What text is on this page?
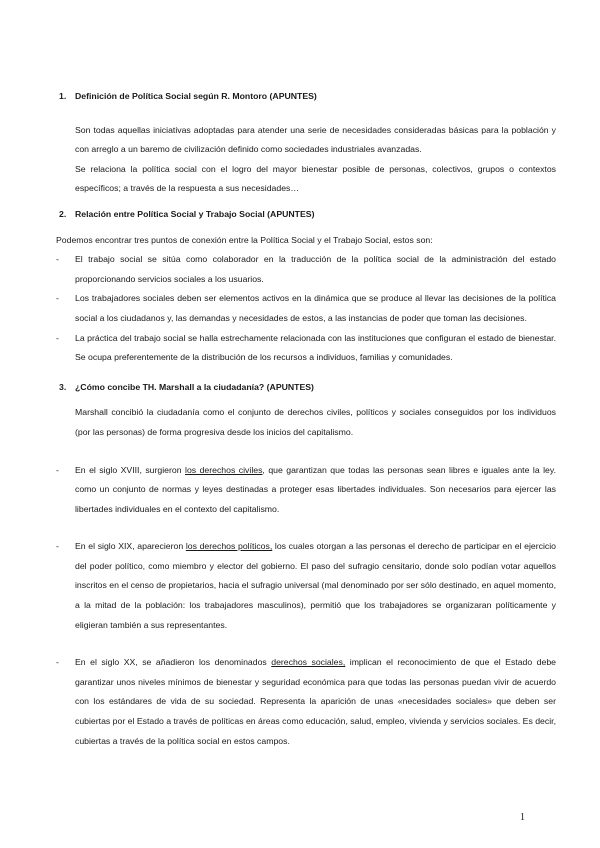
1.	Definición de Política Social según R. Montoro (APUNTES)
Son todas aquellas iniciativas adoptadas para atender una serie de necesidades consideradas básicas para la población y con arreglo a un baremo de civilización definido como sociedades industriales avanzadas.
Se relaciona la política social con el logro del mayor bienestar posible de personas, colectivos, grupos o contextos específicos; a través de la respuesta a sus necesidades…
2.	Relación entre Política Social y Trabajo Social (APUNTES)
Podemos encontrar tres puntos de conexión entre la Política Social y el Trabajo Social, estos son:
-	El trabajo social se sitúa como colaborador en la traducción de la política social de la administración del estado proporcionando servicios sociales a los usuarios.
-	Los trabajadores sociales deben ser elementos activos en la dinámica que se produce al llevar las decisiones de la política social a los ciudadanos y, las demandas y necesidades de estos, a las instancias de poder que toman las decisiones.
-	La práctica del trabajo social se halla estrechamente relacionada con las instituciones que configuran el estado de bienestar. Se ocupa preferentemente de la distribución de los recursos a individuos, familias y comunidades.
3.	¿Cómo concibe TH. Marshall a la ciudadanía? (APUNTES)
Marshall concibió la ciudadanía como el conjunto de derechos civiles, políticos y sociales conseguidos por los individuos (por las personas) de forma progresiva desde los inicios del capitalismo.
-	En el siglo XVIII, surgieron los derechos civiles, que garantizan que todas las personas sean libres e iguales ante la ley. como un conjunto de normas y leyes destinadas a proteger esas libertades individuales. Son necesarios para ejercer las libertades individuales en el contexto del capitalismo.
-	En el siglo XIX, aparecieron los derechos políticos, los cuales otorgan a las personas el derecho de participar en el ejercicio del poder político, como miembro y elector del gobierno. El paso del sufragio censitario, donde solo podían votar aquellos inscritos en el censo de propietarios, hacia el sufragio universal (mal denominado por ser sólo destinado, en aquel momento, a la mitad de la población: los trabajadores masculinos), permitió que los trabajadores se organizaran políticamente y eligieran también a sus representantes.
-	En el siglo XX, se añadieron los denominados derechos sociales, implican el reconocimiento de que el Estado debe garantizar unos niveles mínimos de bienestar y seguridad económica para que todas las personas puedan vivir de acuerdo con los estándares de vida de su sociedad. Representa la aparición de unas «necesidades sociales» que deben ser cubiertas por el Estado a través de políticas en áreas como educación, salud, empleo, vivienda y servicios sociales. Es decir, cubiertas a través de la política social en estos campos.
1
